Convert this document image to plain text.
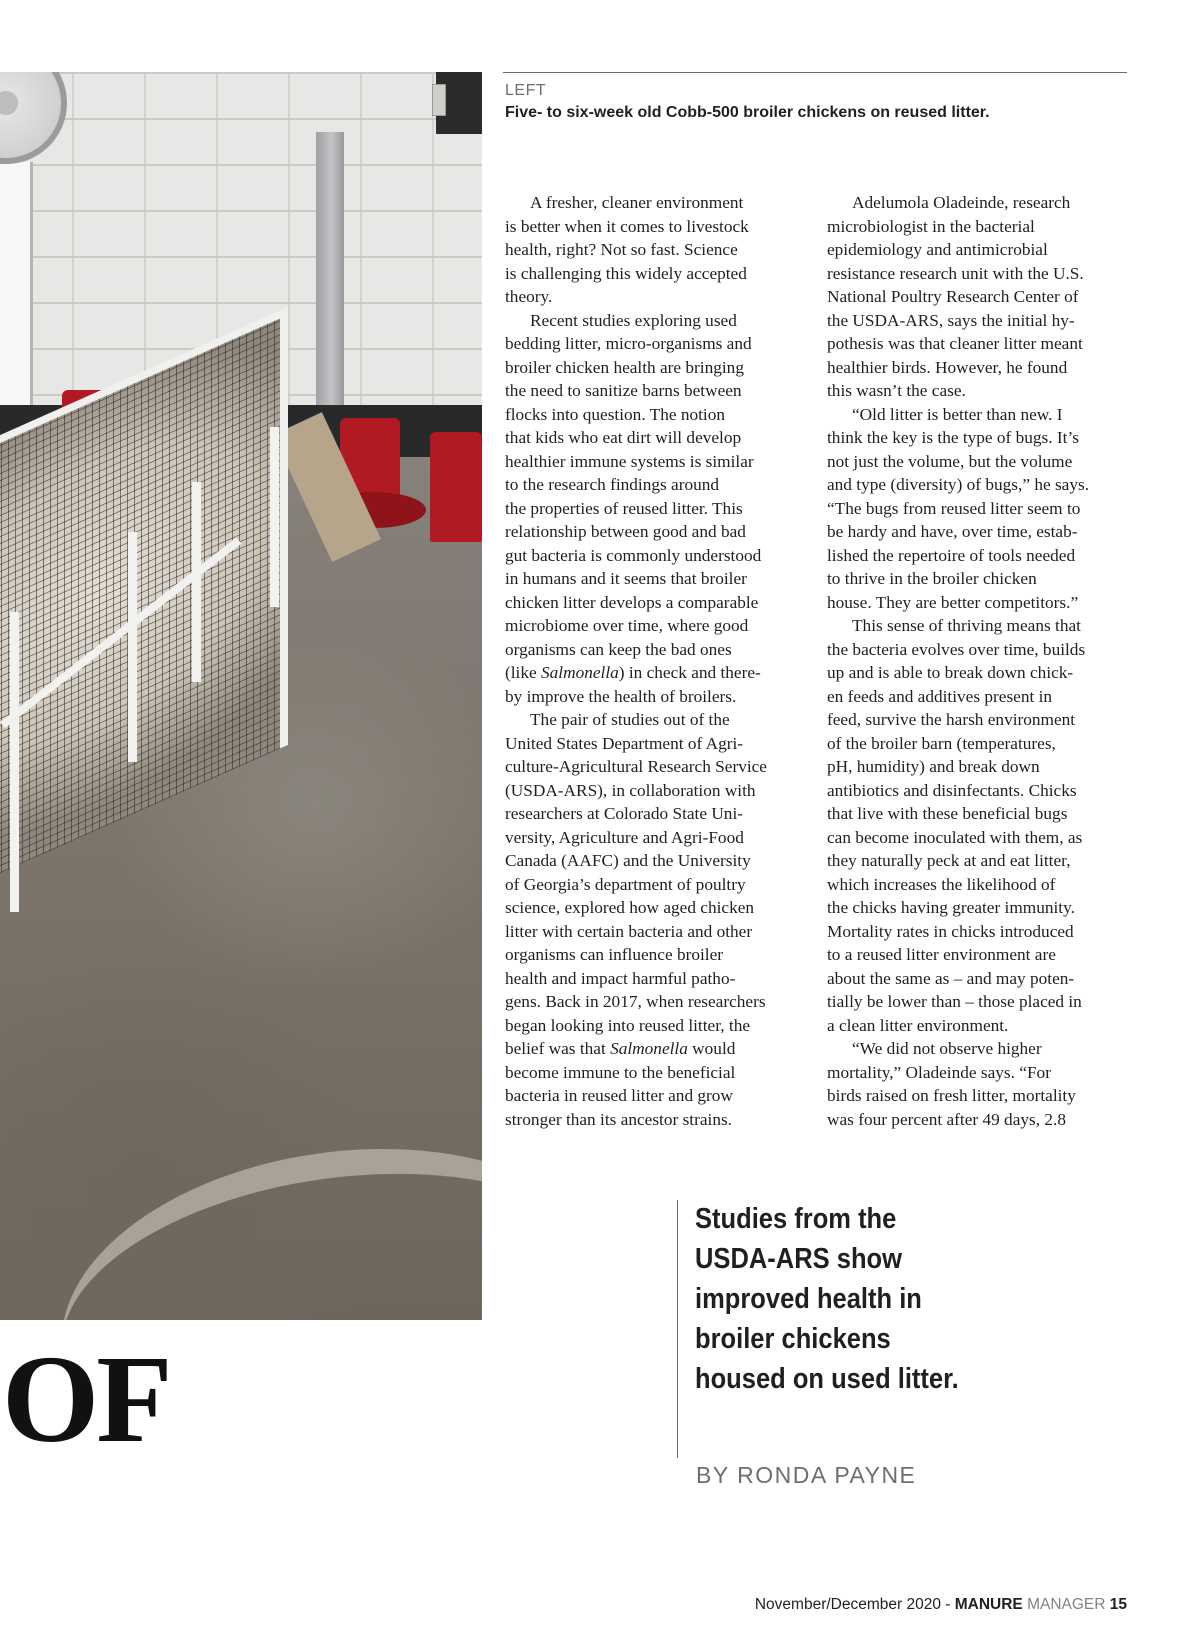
LEFT
Five- to six-week old Cobb-500 broiler chickens on reused litter.

A fresher, cleaner environment
is better when it comes to livestock
health, right? Not so fast. Science
is challenging this widely accepted
theory.

Recent studies exploring used
bedding litter, micro-organisms and
broiler chicken health are bringing
the need to sanitize barns between
flocks into question. The notion
that kids who eat dirt will develop
healthier immune systems is similar
to the research findings around
the properties of reused litter. This
relationship between good and bad
gut bacteria is commonly understood
in humans and it seems that broiler
chicken litter develops a comparable
microbiome over time, where good
organisms can keep the bad ones
(like Salmonella) in check and there-
by improve the health of broilers.

The pair of studies out of the
United States Department of Agri-
culture-Agricultural Research Service
(USDA-ARS), in collaboration with
researchers at Colorado State Uni-
versity, Agriculture and Agri-Food
Canada (AAFC) and the University
of Georgia’s department of poultry
science, explored how aged chicken
litter with certain bacteria and other
organisms can influence broiler
health and impact harmful patho-
gens. Back in 2017, when researchers
began looking into reused litter, the
belief was that Salmonella would
become immune to the beneficial
bacteria in reused litter and grow
stronger than its ancestor strains.

Adelumola Oladeinde, research
microbiologist in the bacterial
epidemiology and antimicrobial
resistance research unit with the U.S.
National Poultry Research Center of
the USDA-ARS, says the initial hy-
pothesis was that cleaner litter meant
healthier birds. However, he found
this wasn’t the case.

“Old litter is better than new. I
think the key is the type of bugs. It’s
not just the volume, but the volume
and type (diversity) of bugs,” he says.
“The bugs from reused litter seem to
be hardy and have, over time, estab-
lished the repertoire of tools needed
to thrive in the broiler chicken
house. They are better competitors.”

This sense of thriving means that
the bacteria evolves over time, builds
up and is able to break down chick-
en feeds and additives present in
feed, survive the harsh environment
of the broiler barn (temperatures,
pH, humidity) and break down
antibiotics and disinfectants. Chicks
that live with these beneficial bugs
can become inoculated with them, as
they naturally peck at and eat litter,
which increases the likelihood of
the chicks having greater immunity.
Mortality rates in chicks introduced
to a reused litter environment are
about the same as – and may poten-
tially be lower than – those placed in
a clean litter environment.

“We did not observe higher
mortality,” Oladeinde says. “For
birds raised on fresh litter, mortality
was four percent after 49 days, 2.8

Studies from the
USDA-ARS show
improved health in
broiler chickens
housed on used litter.
BY RONDA PAYNE
OF
November/December 2020 - MANURE MANAGER 15
